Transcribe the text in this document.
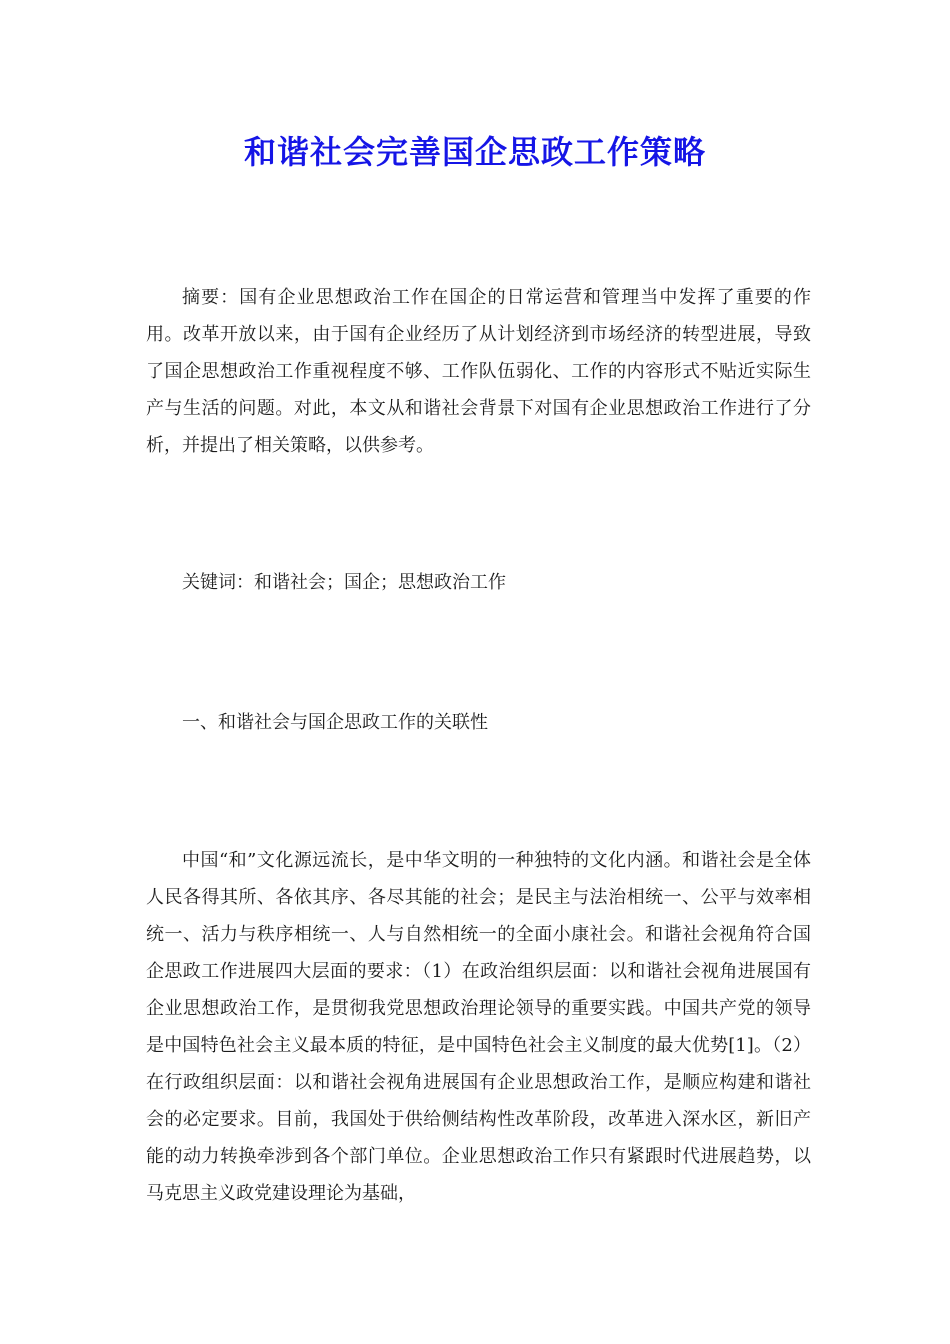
和谐社会完善国企思政工作策略

摘要：国有企业思想政治工作在国企的日常运营和管理当中发挥了重要的作用。改革开放以来，由于国有企业经历了从计划经济到市场经济的转型进展，导致了国企思想政治工作重视程度不够、工作队伍弱化、工作的内容形式不贴近实际生产与生活的问题。对此，本文从和谐社会背景下对国有企业思想政治工作进行了分析，并提出了相关策略，以供参考。

关键词：和谐社会；国企；思想政治工作

一、和谐社会与国企思政工作的关联性

中国“和”文化源远流长，是中华文明的一种独特的文化内涵。和谐社会是全体人民各得其所、各依其序、各尽其能的社会；是民主与法治相统一、公平与效率相统一、活力与秩序相统一、人与自然相统一的全面小康社会。和谐社会视角符合国企思政工作进展四大层面的要求：（1）在政治组织层面：以和谐社会视角进展国有企业思想政治工作，是贯彻我党思想政治理论领导的重要实践。中国共产党的领导是中国特色社会主义最本质的特征，是中国特色社会主义制度的最大优势[1]。（2）在行政组织层面：以和谐社会视角进展国有企业思想政治工作，是顺应构建和谐社会的必定要求。目前，我国处于供给侧结构性改革阶段，改革进入深水区，新旧产能的动力转换牵涉到各个部门单位。企业思想政治工作只有紧跟时代进展趋势，以马克思主义政党建设理论为基础，
